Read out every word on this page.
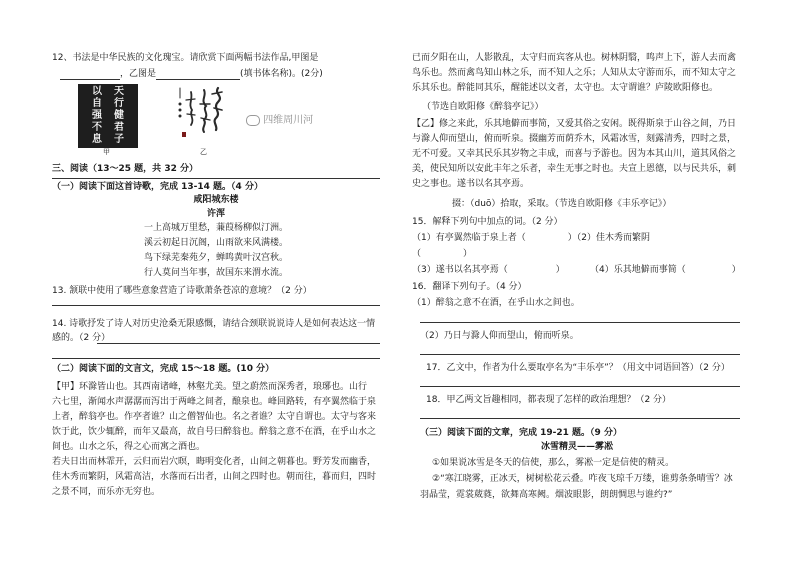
12、书法是中华民族的文化瑰宝。请欣赏下面两幅书法作品,甲图是
，乙图是	(填书体名称)。(2分)
天
行
健
君
子
以
自
强
不
息
甲	乙
四维周川河
三、阅读（13～25 题，共 32 分）
（一）阅读下面这首诗歌，完成 13-14 题。（4 分）
咸阳城东楼
许浑
一上高城万里愁，蒹葭杨柳似汀洲。
溪云初起日沉阁，山雨欲来风满楼。
鸟下绿芜秦苑夕，蝉鸣黄叶汉宫秋。
行人莫问当年事，故国东来渭水流。
13. 颔联中使用了哪些意象营造了诗歌萧条苍凉的意境？（2 分）
14. 诗歌抒发了诗人对历史沧桑无限感慨，请结合颈联说说诗人是如何表达这一情
感的。（2 分）
（二）阅读下面的文言文，完成 15～18 题。(10 分）
【甲】环滁皆山也。其西南诸峰，林壑尤美。望之蔚然而深秀者，琅琊也。山行
六七里，渐闻水声潺潺而泻出于两峰之间者，酿泉也。峰回路转，有亭翼然临于泉
上者，醉翁亭也。作亭者谁？山之僧智仙也。名之者谁？太守自谓也。太守与客来
饮于此，饮少辄醉，而年又最高，故自号曰醉翁也。醉翁之意不在酒，在乎山水之
间也。山水之乐，得之心而寓之酒也。
若夫日出而林霏开，云归而岩穴暝，晦明变化者，山间之朝暮也。野芳发而幽香，
佳木秀而繁阴，风霜高洁，水落而石出者，山间之四时也。朝而往，暮而归，四时
之景不同，而乐亦无穷也。
已而夕阳在山，人影散乱，太守归而宾客从也。树林阴翳，鸣声上下，游人去而禽
鸟乐也。然而禽鸟知山林之乐，而不知人之乐；人知从太守游而乐，而不知太守之
乐其乐也。醉能同其乐，醒能述以文者，太守也。太守谓谁？庐陵欧阳修也。
（节选自欧阳修《醉翁亭记》）
【乙】修之来此，乐其地僻而事简，又爱其俗之安闲。既得斯泉于山谷之间，乃日
与滁人仰而望山，俯而听泉。掇幽芳而荫乔木，风霜冰雪，刻露清秀，四时之景，
无不可爱。又幸其民乐其岁物之丰成，而喜与予游也。因为本其山川，道其风俗之
美，使民知所以安此丰年之乐者，幸生无事之时也。夫宣上恩德，以与民共乐，刺
史之事也。遂书以名其亭焉。
掇：（duō）拾取，采取。（节选自欧阳修《丰乐亭记》）
15．解释下列句中加点的词。（2 分）
（1）有亭翼然临于泉上者（	）（2）佳木秀而繁阴
（	）
（3）遂书以名其亭焉（	）	（4）乐其地僻而事简（	）
16．翻译下列句子。（4 分）
（1）醉翁之意不在酒，在乎山水之间也。
（2）乃日与滁人仰而望山，俯而听泉。
17．乙文中，作者为什么要取亭名为“丰乐亭”？（用文中词语回答）（2 分）
18．甲乙两文旨趣相同，都表现了怎样的政治理想？（2 分）
（三）阅读下面的文章，完成 19-21 题。（9 分）
冰雪精灵——雾凇
①如果说冰雪是冬天的信使，那么，雾凇一定是信使的精灵。
②“寒江晓雾，正冰天，树树松花云叠。咋夜飞琼千万缕，谁剪条条晴雪？冰
羽晶莹，霓裳葳蕤，欲舞高寒阙。烟波眼影，朗朗惆思与谁约?”
